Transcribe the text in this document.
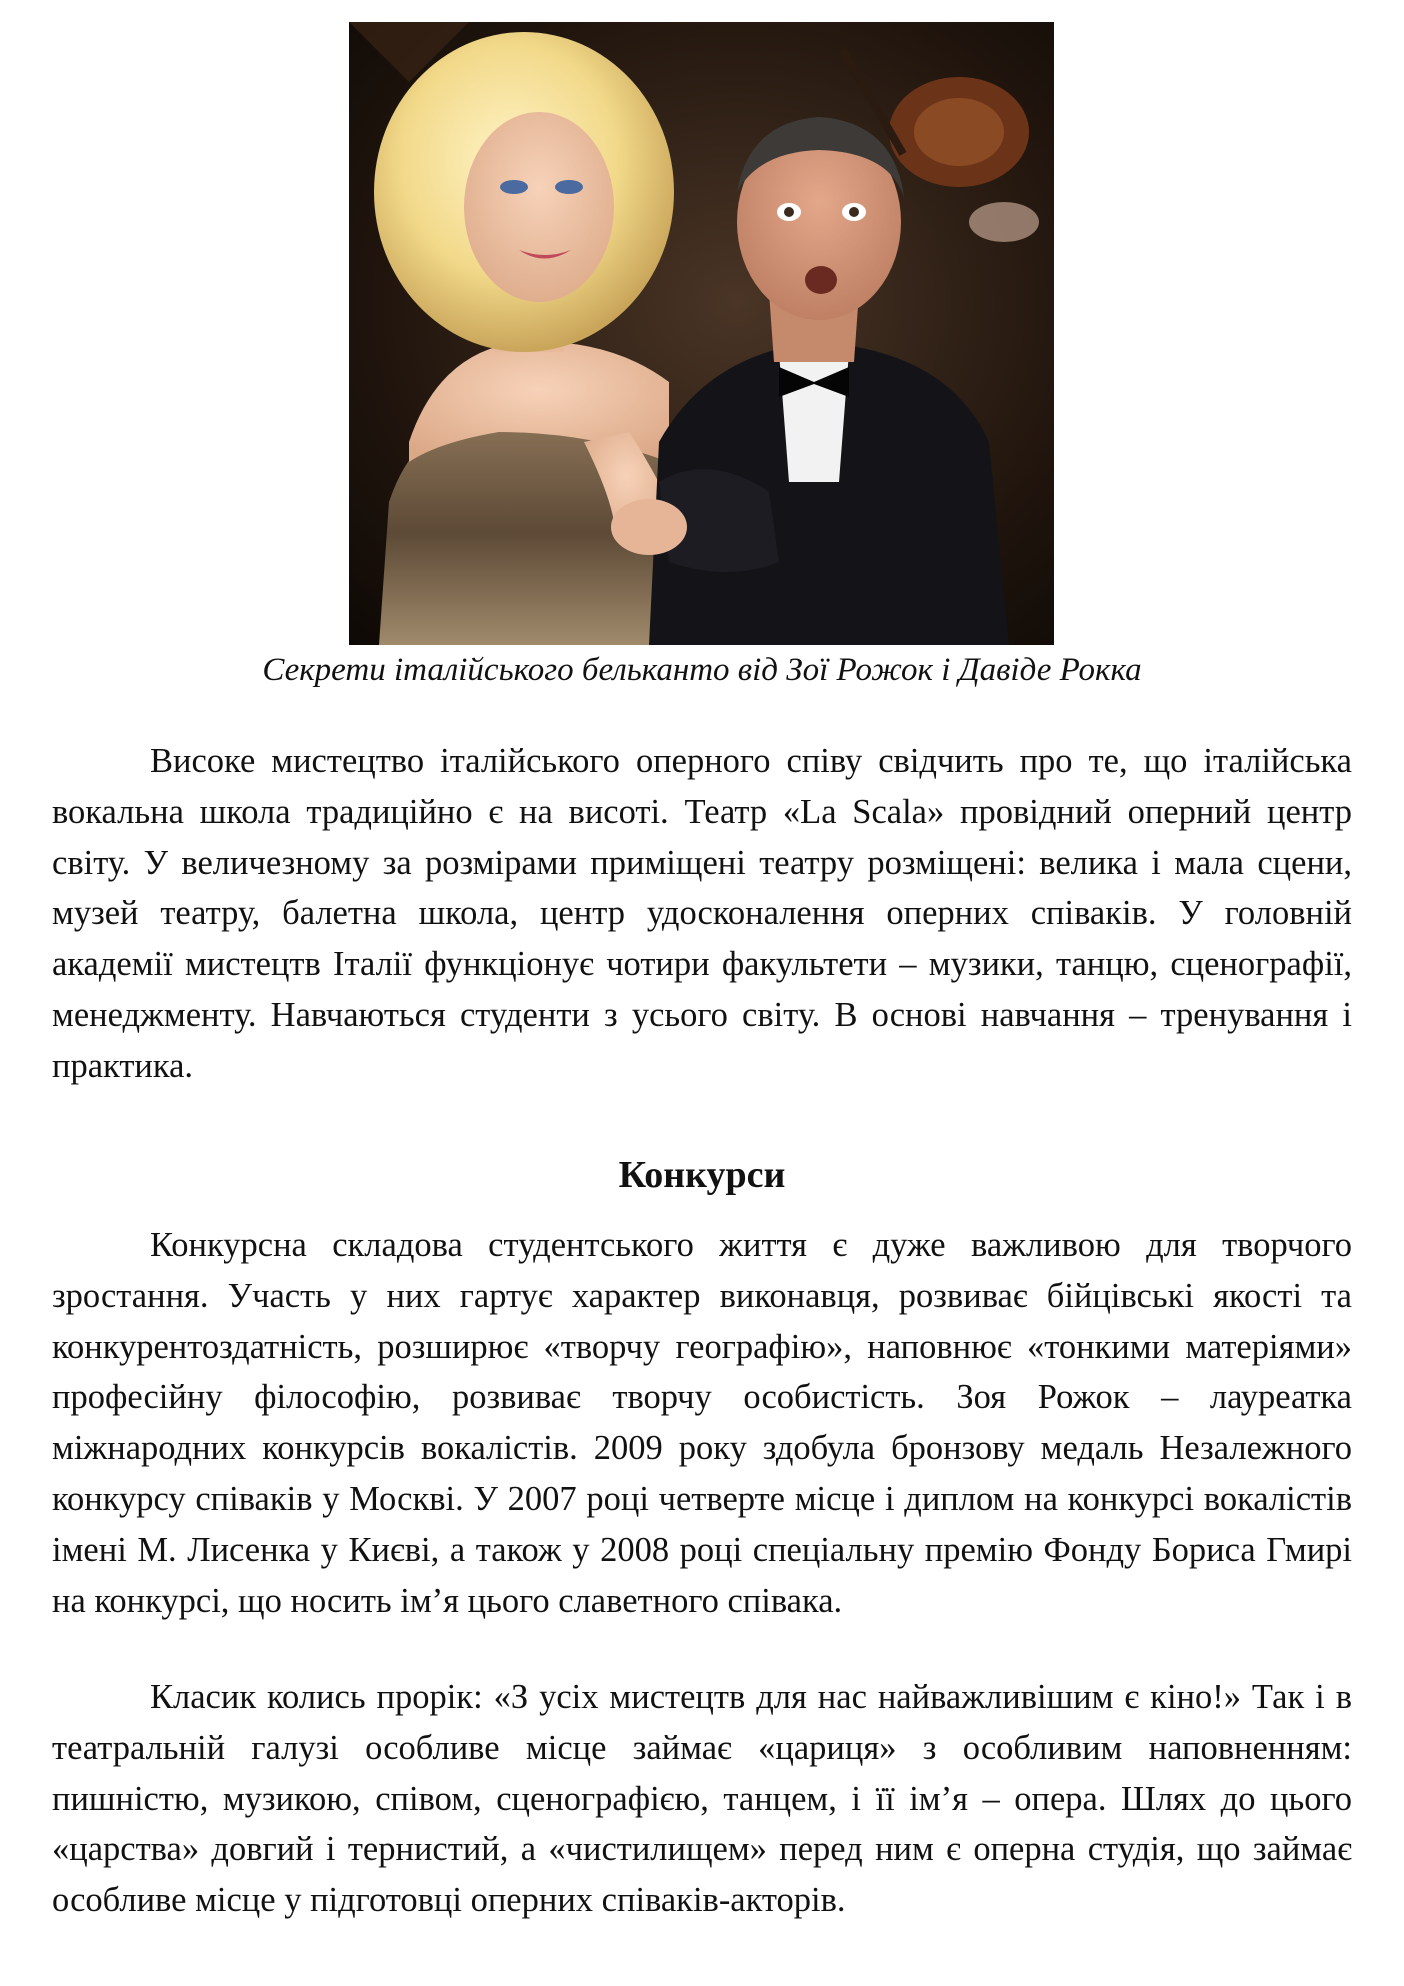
Секрети італійського бельканто від Зої Рожок і Давіде Рокка

Високе мистецтво італійського оперного співу свідчить про те, що італійська вокальна школа традиційно є на висоті. Театр «La Scala» провідний оперний центр світу. У величезному за розмірами приміщені театру розміщені: велика і мала сцени, музей театру, балетна школа, центр удосконалення оперних співаків. У головній академії мистецтв Італії функціонує чотири факультети – музики, танцю, сценографії, менеджменту. Навчаються студенти з усього світу. В основі навчання – тренування і практика.

Конкурси

Конкурсна складова студентського життя є дуже важливою для творчого зростання. Участь у них гартує характер виконавця, розвиває бійцівські якості та конкурентоздатність, розширює «творчу географію», наповнює «тонкими матеріями» професійну філософію, розвиває творчу особистість. Зоя Рожок – лауреатка міжнародних конкурсів вокалістів. 2009 року здобула бронзову медаль Незалежного конкурсу співаків у Москві. У 2007 році четверте місце і диплом на конкурсі вокалістів імені М. Лисенка у Києві, а також у 2008 році спеціальну премію Фонду Бориса Гмирі на конкурсі, що носить ім’я цього славетного співака.

Класик колись прорік: «З усіх мистецтв для нас найважливішим є кіно!» Так і в театральній галузі особливе місце займає «цариця» з особливим наповненням: пишністю, музикою, співом, сценографією, танцем, і її ім’я – опера. Шлях до цього «царства» довгий і тернистий, а «чистилищем» перед ним є оперна студія, що займає особливе місце у підготовці оперних співаків-акторів.
